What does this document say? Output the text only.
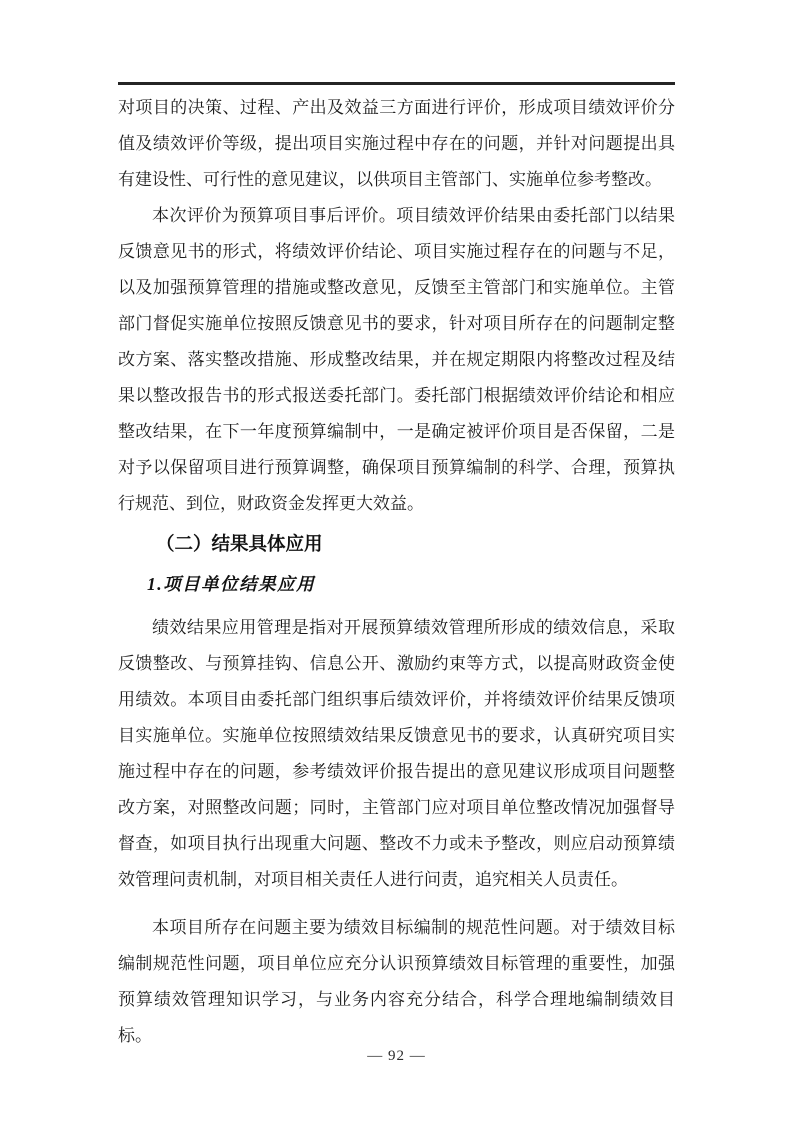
对项目的决策、过程、产出及效益三方面进行评价，形成项目绩效评价分值及绩效评价等级，提出项目实施过程中存在的问题，并针对问题提出具有建设性、可行性的意见建议，以供项目主管部门、实施单位参考整改。

本次评价为预算项目事后评价。项目绩效评价结果由委托部门以结果反馈意见书的形式，将绩效评价结论、项目实施过程存在的问题与不足，以及加强预算管理的措施或整改意见，反馈至主管部门和实施单位。主管部门督促实施单位按照反馈意见书的要求，针对项目所存在的问题制定整改方案、落实整改措施、形成整改结果，并在规定期限内将整改过程及结果以整改报告书的形式报送委托部门。委托部门根据绩效评价结论和相应整改结果，在下一年度预算编制中，一是确定被评价项目是否保留，二是对予以保留项目进行预算调整，确保项目预算编制的科学、合理，预算执行规范、到位，财政资金发挥更大效益。

（二）结果具体应用
1.项目单位结果应用

绩效结果应用管理是指对开展预算绩效管理所形成的绩效信息，采取反馈整改、与预算挂钩、信息公开、激励约束等方式，以提高财政资金使用绩效。本项目由委托部门组织事后绩效评价，并将绩效评价结果反馈项目实施单位。实施单位按照绩效结果反馈意见书的要求，认真研究项目实施过程中存在的问题，参考绩效评价报告提出的意见建议形成项目问题整改方案，对照整改问题；同时，主管部门应对项目单位整改情况加强督导督查，如项目执行出现重大问题、整改不力或未予整改，则应启动预算绩效管理问责机制，对项目相关责任人进行问责，追究相关人员责任。

本项目所存在问题主要为绩效目标编制的规范性问题。对于绩效目标编制规范性问题，项目单位应充分认识预算绩效目标管理的重要性，加强预算绩效管理知识学习，与业务内容充分结合，科学合理地编制绩效目标。

— 92 —
